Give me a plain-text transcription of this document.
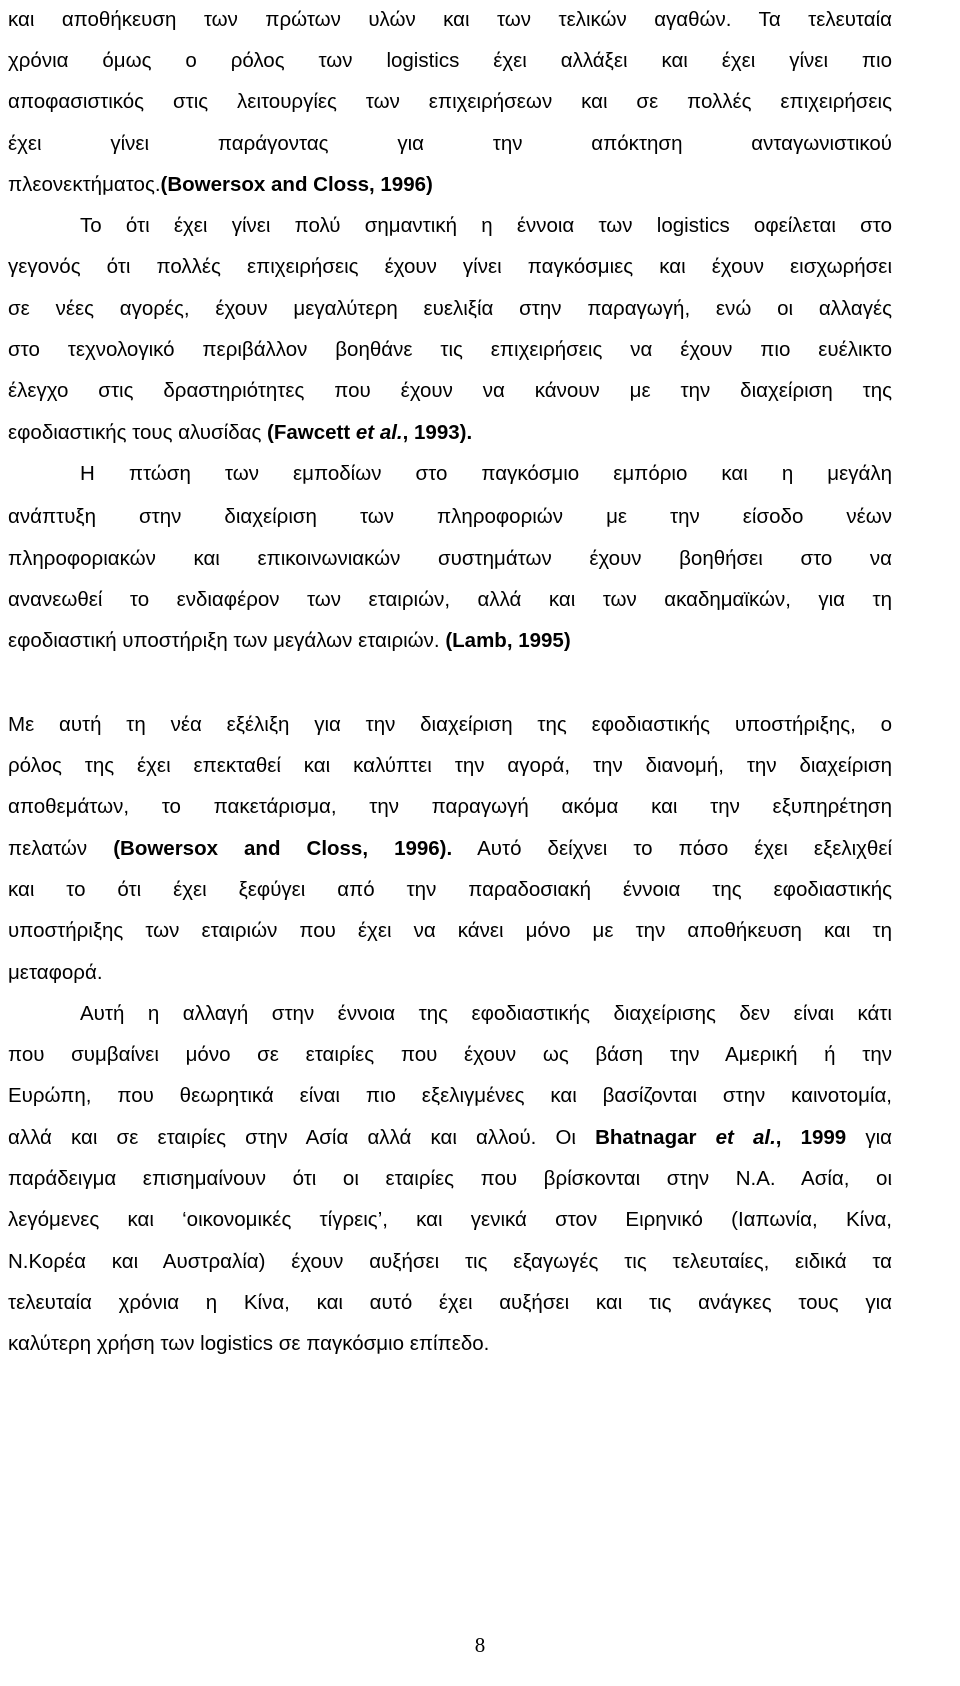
και αποθήκευση των πρώτων υλών και των τελικών αγαθών. Τα τελευταία
χρόνια όμως ο ρόλος των logistics έχει αλλάξει και έχει γίνει πιο
αποφασιστικός στις λειτουργίες των επιχειρήσεων και σε πολλές επιχειρήσεις
έχει γίνει παράγοντας για την απόκτηση ανταγωνιστικού
πλεονεκτήματος.(Bowersox and Closs, 1996)
Το ότι έχει γίνει πολύ σημαντική η έννοια των logistics οφείλεται στο
γεγονός ότι πολλές επιχειρήσεις έχουν γίνει παγκόσμιες και έχουν εισχωρήσει
σε νέες αγορές, έχουν μεγαλύτερη ευελιξία στην παραγωγή, ενώ οι αλλαγές
στο τεχνολογικό περιβάλλον βοηθάνε τις επιχειρήσεις να έχουν πιο ευέλικτο
έλεγχο στις δραστηριότητες που έχουν να κάνουν με την διαχείριση της
εφοδιαστικής τους αλυσίδας (Fawcett et al., 1993).
Η πτώση των εμποδίων στο παγκόσμιο εμπόριο και η μεγάλη
ανάπτυξη στην διαχείριση των πληροφοριών με την είσοδο νέων
πληροφοριακών και επικοινωνιακών συστημάτων έχουν βοηθήσει στο να
ανανεωθεί το ενδιαφέρον των εταιριών, αλλά και των ακαδημαϊκών, για τη
εφοδιαστική υποστήριξη των μεγάλων εταιριών. (Lamb, 1995)
Με αυτή τη νέα εξέλιξη για την διαχείριση της εφοδιαστικής υποστήριξης, ο
ρόλος της έχει επεκταθεί και καλύπτει την αγορά, την διανομή, την διαχείριση
αποθεμάτων, το πακετάρισμα, την παραγωγή ακόμα και την εξυπηρέτηση
πελατών (Bowersox and Closs, 1996). Αυτό δείχνει το πόσο έχει εξελιχθεί
και το ότι έχει ξεφύγει από την παραδοσιακή έννοια της εφοδιαστικής
υποστήριξης των εταιριών που έχει να κάνει μόνο με την αποθήκευση και τη
μεταφορά.
Αυτή η αλλαγή στην έννοια της εφοδιαστικής διαχείρισης δεν είναι κάτι
που συμβαίνει μόνο σε εταιρίες που έχουν ως βάση την Αμερική ή την
Ευρώπη, που θεωρητικά είναι πιο εξελιγμένες και βασίζονται στην καινοτομία,
αλλά και σε εταιρίες στην Ασία αλλά και αλλού. Οι Bhatnagar et al., 1999 για
παράδειγμα επισημαίνουν ότι οι εταιρίες που βρίσκονται στην Ν.Α. Ασία, οι
λεγόμενες και ‘οικονομικές τίγρεις’, και γενικά στον Ειρηνικό (Ιαπωνία, Κίνα,
Ν.Κορέα και Αυστραλία) έχουν αυξήσει τις εξαγωγές τις τελευταίες, ειδικά τα
τελευταία χρόνια η Κίνα, και αυτό έχει αυξήσει και τις ανάγκες τους για
καλύτερη χρήση των logistics σε παγκόσμιο επίπεδο.
8
